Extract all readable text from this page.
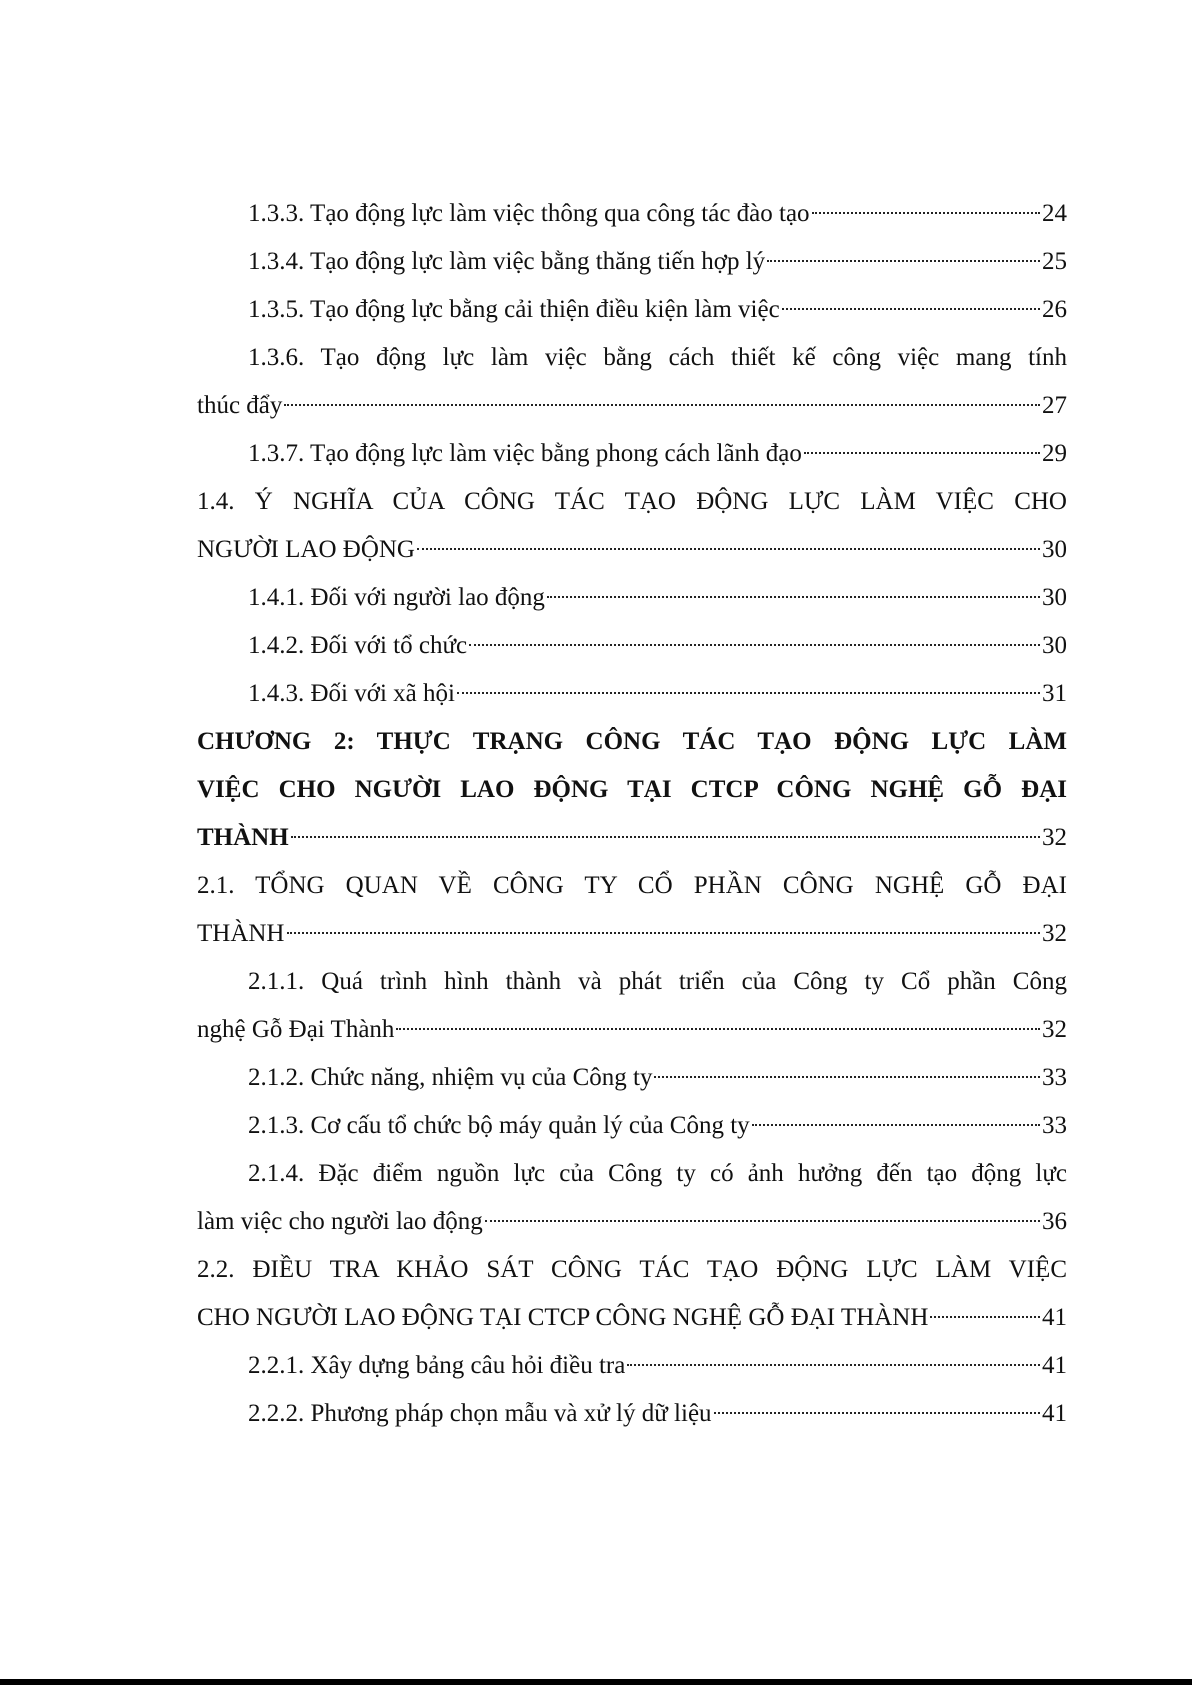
1.3.3. Tạo động lực làm việc thông qua công tác đào tạo	24
1.3.4. Tạo động lực làm việc bằng thăng tiến hợp lý	25
1.3.5. Tạo động lực bằng cải thiện điều kiện làm việc	26
1.3.6. Tạo động lực làm việc bằng cách thiết kế công việc mang tính
thúc đẩy	27
1.3.7. Tạo động lực làm việc bằng phong cách lãnh đạo	29
1.4. Ý NGHĨA CỦA CÔNG TÁC TẠO ĐỘNG LỰC LÀM VIỆC CHO
NGƯỜI LAO ĐỘNG	30
1.4.1. Đối với người lao động	30
1.4.2. Đối với tổ chức	30
1.4.3. Đối với xã hội	31
CHƯƠNG 2: THỰC TRẠNG CÔNG TÁC TẠO ĐỘNG LỰC LÀM
VIỆC CHO NGƯỜI LAO ĐỘNG TẠI CTCP CÔNG NGHỆ GỖ ĐẠI
THÀNH	32
2.1. TỔNG QUAN VỀ CÔNG TY CỔ PHẦN CÔNG NGHỆ GỖ ĐẠI
THÀNH	32
2.1.1. Quá trình hình thành và phát triển của Công ty Cổ phần Công
nghệ Gỗ Đại Thành	32
2.1.2. Chức năng, nhiệm vụ của Công ty	33
2.1.3. Cơ cấu tổ chức bộ máy quản lý của Công ty	33
2.1.4. Đặc điểm nguồn lực của Công ty có ảnh hưởng đến tạo động lực
làm việc cho người lao động	36
2.2. ĐIỀU TRA KHẢO SÁT CÔNG TÁC TẠO ĐỘNG LỰC LÀM VIỆC
CHO NGƯỜI LAO ĐỘNG TẠI CTCP CÔNG NGHỆ GỖ ĐẠI THÀNH	41
2.2.1. Xây dựng bảng câu hỏi điều tra	41
2.2.2. Phương pháp chọn mẫu và xử lý dữ liệu	41
